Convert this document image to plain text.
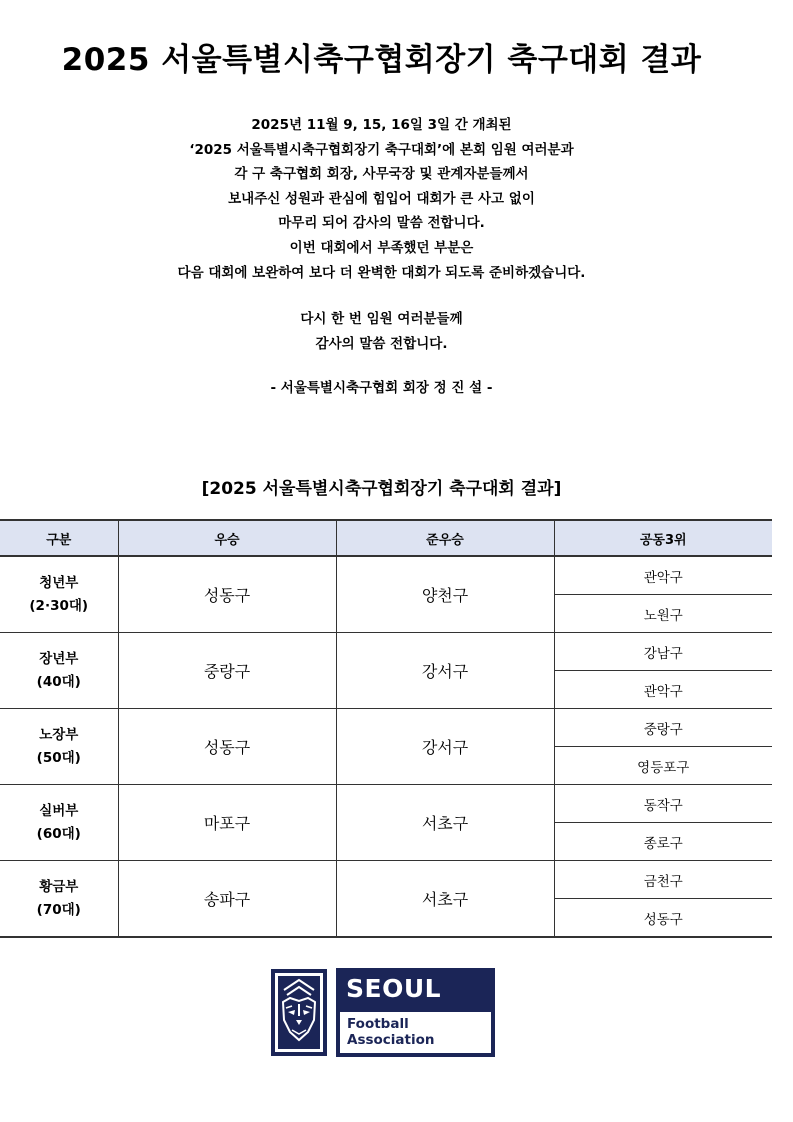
2025 서울특별시축구협회장기 축구대회 결과
2025년 11월 9, 15, 16일 3일 간 개최된
‘2025 서울특별시축구협회장기 축구대회’에 본회 임원 여러분과
각 구 축구협회 회장, 사무국장 및 관계자분들께서
보내주신 성원과 관심에 힘입어 대회가 큰 사고 없이
마무리 되어 감사의 말씀 전합니다.
이번 대회에서 부족했던 부분은
다음 대회에 보완하여 보다 더 완벽한 대회가 되도록 준비하겠습니다.
다시 한 번 임원 여러분들께
감사의 말씀 전합니다.
- 서울특별시축구협회 회장 정 진 설 -
[2025 서울특별시축구협회장기 축구대회 결과]
구분	우승	준우승	공동3위
청년부
(2·30대)	성동구	양천구	관악구
			노원구
장년부
(40대)	중랑구	강서구	강남구
			관악구
노장부
(50대)	성동구	강서구	중랑구
			영등포구
실버부
(60대)	마포구	서초구	동작구
			종로구
황금부
(70대)	송파구	서초구	금천구
			성동구
SEOUL
Football
Association
